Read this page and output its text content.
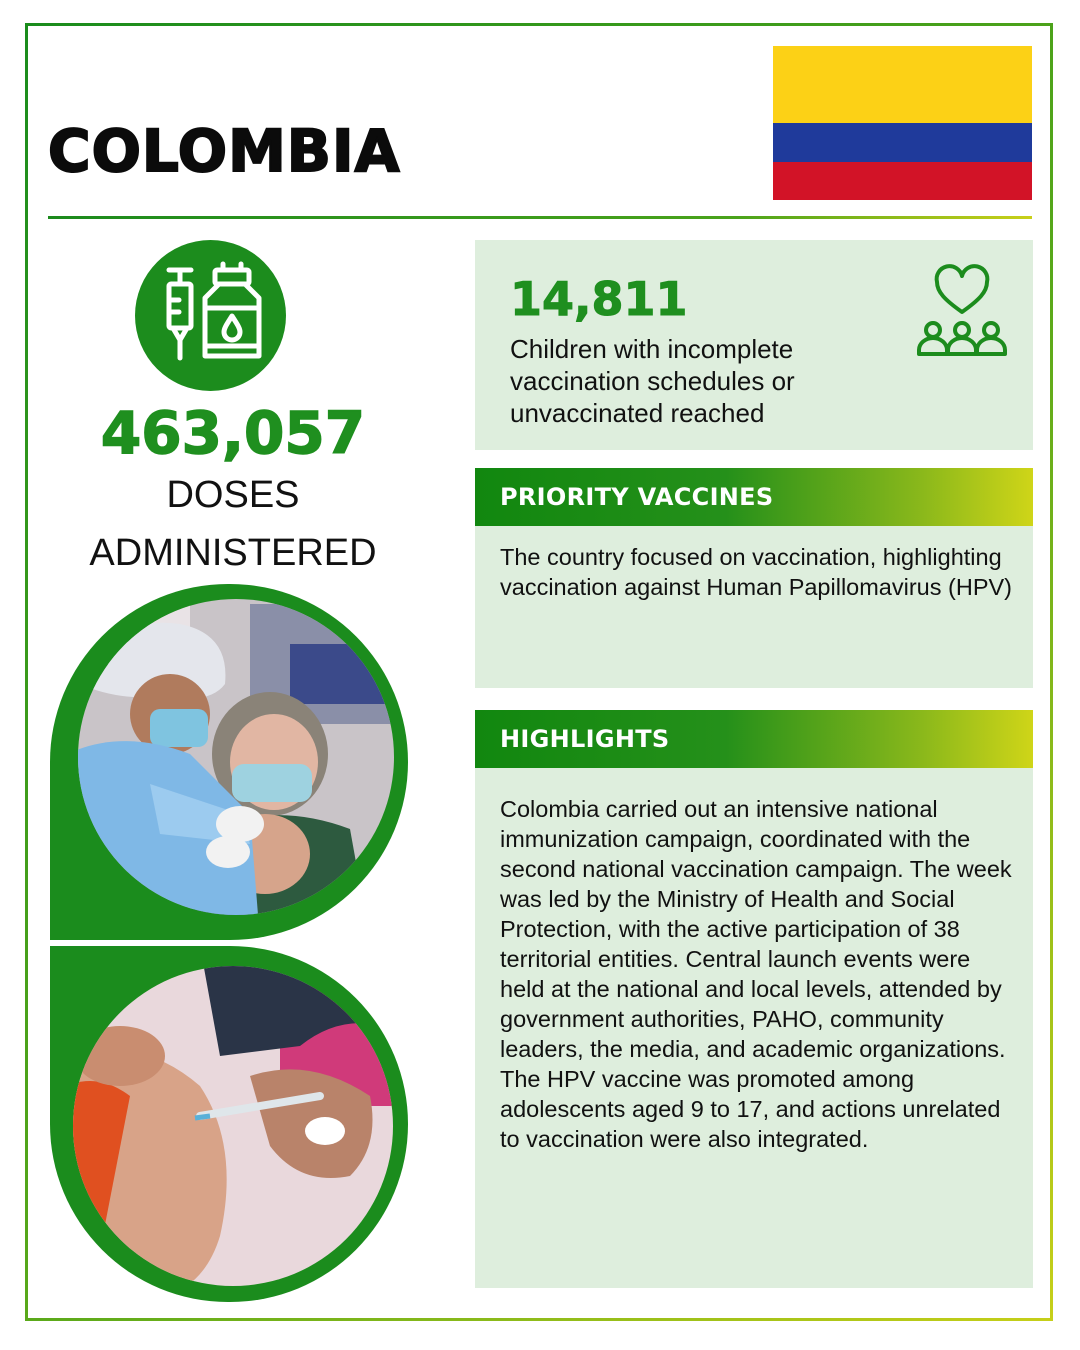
COLOMBIA
463,057
DOSES
ADMINISTERED
14,811

Children with incomplete vaccination schedules or unvaccinated reached

PRIORITY VACCINES

The country focused on vaccination, highlighting vaccination against Human Papillomavirus (HPV)

HIGHLIGHTS

Colombia carried out an intensive national immunization campaign, coordinated with the second national vaccination campaign. The week was led by the Ministry of Health and Social Protection, with the active participation of 38 territorial entities. Central launch events were held at the national and local levels, attended by government authorities, PAHO, community leaders, the media, and academic organizations. The HPV vaccine was promoted among adolescents aged 9 to 17, and actions unrelated to vaccination were also integrated.
